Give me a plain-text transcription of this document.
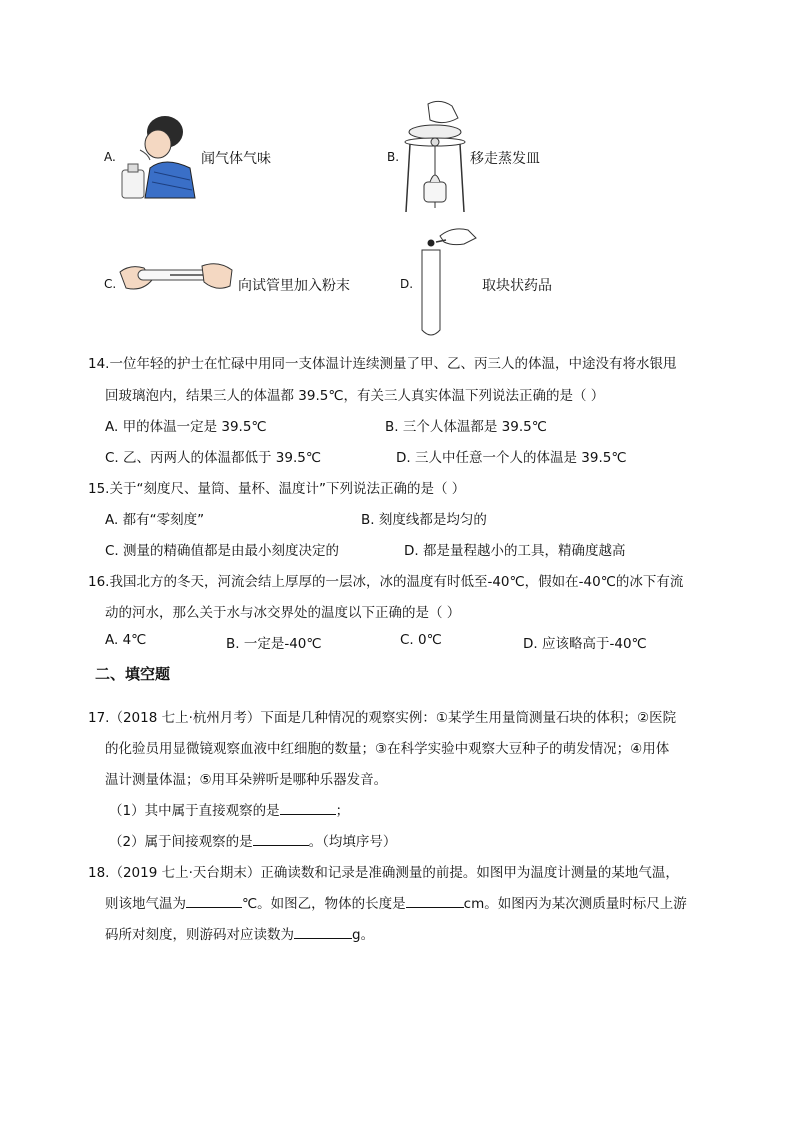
A.	闻气体气味	B.	移走蒸发皿
C.	向试管里加入粉末	D.	取块状药品
14.一位年轻的护士在忙碌中用同一支体温计连续测量了甲、乙、丙三人的体温，中途没有将水银甩
回玻璃泡内，结果三人的体温都 39.5℃，有关三人真实体温下列说法正确的是（ ）
A. 甲的体温一定是 39.5℃	B. 三个人体温都是 39.5℃
C. 乙、丙两人的体温都低于 39.5℃	D. 三人中任意一个人的体温是 39.5℃
15.关于“刻度尺、量筒、量杯、温度计”下列说法正确的是（ ）
A. 都有“零刻度”	B. 刻度线都是均匀的
C. 测量的精确值都是由最小刻度决定的	D. 都是量程越小的工具，精确度越高
16.我国北方的冬天，河流会结上厚厚的一层冰，冰的温度有时低至-40℃，假如在-40℃的冰下有流
动的河水，那么关于水与冰交界处的温度以下正确的是（ ）
A. 4℃	B. 一定是-40℃	C. 0℃	D. 应该略高于-40℃
二、填空题
17.（2018 七上·杭州月考）下面是几种情况的观察实例：①某学生用量筒测量石块的体积；②医院
的化验员用显微镜观察血液中红细胞的数量；③在科学实验中观察大豆种子的萌发情况；④用体
温计测量体温；⑤用耳朵辨听是哪种乐器发音。
（1）其中属于直接观察的是	；
（2）属于间接观察的是	。（均填序号）
18.（2019 七上·天台期末）正确读数和记录是准确测量的前提。如图甲为温度计测量的某地气温，
则该地气温为	℃。如图乙，物体的长度是	cm。如图丙为某次测质量时标尺上游
码所对刻度，则游码对应读数为	g。
